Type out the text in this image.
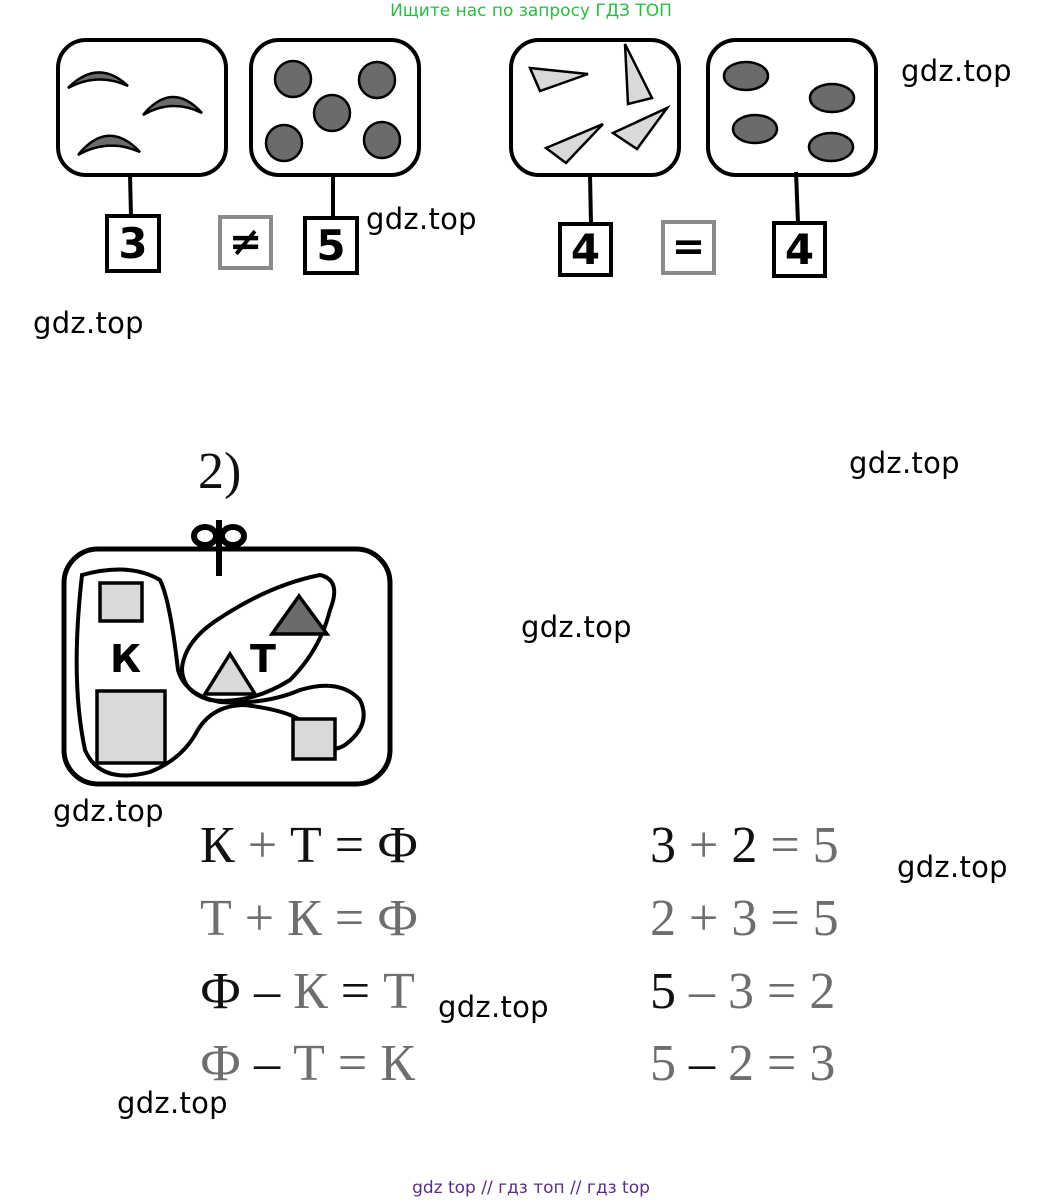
Ищите нас по запросу ГДЗ ТОП
К	Т
3 ≠ 5	4 = 4
2)
К + Т = Ф
Т + К = Ф
Ф – К = Т
Ф – Т = К
3 + 2 = 5
2 + 3 = 5
5 – 3 = 2
5 – 2 = 3
gdz.top
gdz.top
gdz.top
gdz.top
gdz.top
gdz.top
gdz.top
gdz.top
gdz.top
gdz top // гдз топ // гдз top
